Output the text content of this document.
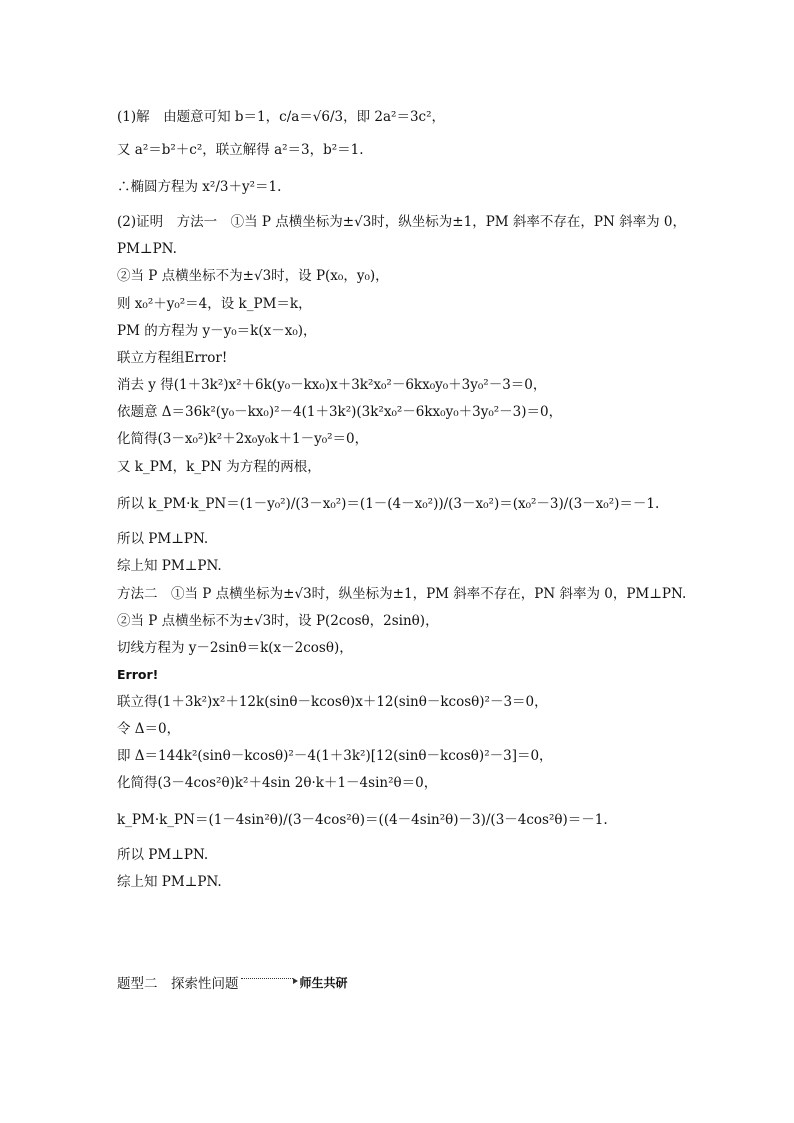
(1)解　由题意可知 b＝1，c/a＝√6/3，即 2a²＝3c²，
又 a²＝b²＋c²，联立解得 a²＝3，b²＝1.
∴椭圆方程为 x²/3＋y²＝1.
(2)证明　方法一　①当 P 点横坐标为±√3时，纵坐标为±1，PM 斜率不存在，PN 斜率为 0，
PM⊥PN.
②当 P 点横坐标不为±√3时，设 P(x₀，y₀)，
则 x₀²＋y₀²＝4，设 k_PM＝k，
PM 的方程为 y－y₀＝k(x－x₀)，
联立方程组Error!
消去 y 得(1＋3k²)x²＋6k(y₀－kx₀)x＋3k²x₀²－6kx₀y₀＋3y₀²－3＝0，
依题意 Δ＝36k²(y₀－kx₀)²－4(1＋3k²)(3k²x₀²－6kx₀y₀＋3y₀²－3)＝0，
化简得(3－x₀²)k²＋2x₀y₀k＋1－y₀²＝0，
又 k_PM，k_PN 为方程的两根，
所以 k_PM·k_PN＝(1－y₀²)/(3－x₀²)＝(1－(4－x₀²))/(3－x₀²)＝(x₀²－3)/(3－x₀²)＝－1.
所以 PM⊥PN.
综上知 PM⊥PN.
方法二　①当 P 点横坐标为±√3时，纵坐标为±1，PM 斜率不存在，PN 斜率为 0，PM⊥PN.
②当 P 点横坐标不为±√3时，设 P(2cosθ，2sinθ)，
切线方程为 y－2sinθ＝k(x－2cosθ)，
Error!
联立得(1＋3k²)x²＋12k(sinθ－kcosθ)x＋12(sinθ－kcosθ)²－3＝0，
令 Δ＝0，
即 Δ＝144k²(sinθ－kcosθ)²－4(1＋3k²)[12(sinθ－kcosθ)²－3]＝0，
化简得(3－4cos²θ)k²＋4sin 2θ·k＋1－4sin²θ＝0，
k_PM·k_PN＝(1－4sin²θ)/(3－4cos²θ)＝((4－4sin²θ)－3)/(3－4cos²θ)＝－1.
所以 PM⊥PN.
综上知 PM⊥PN.
题型二　探索性问题	师生共研
